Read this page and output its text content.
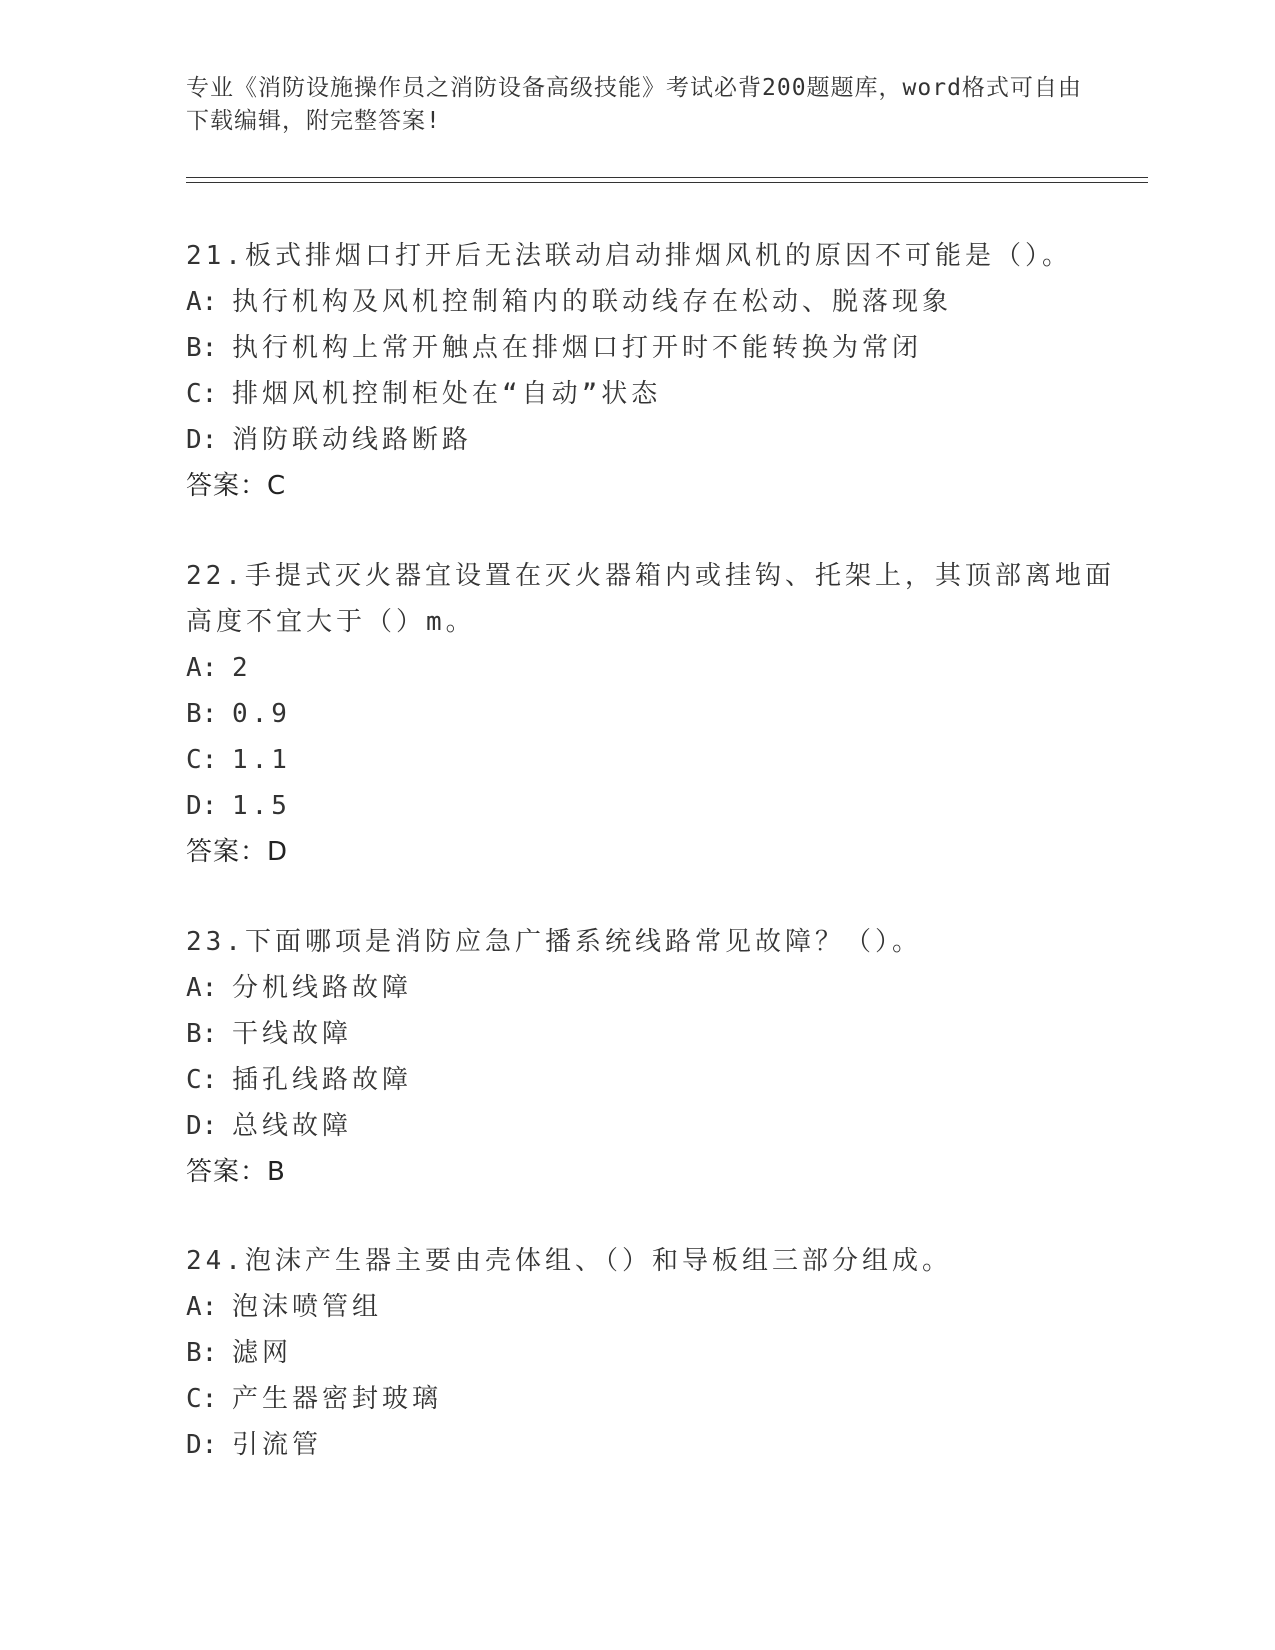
专业《消防设施操作员之消防设备高级技能》考试必背200题题库，word格式可自由下载编辑，附完整答案!
21.板式排烟口打开后无法联动启动排烟风机的原因不可能是（）。
A: 执行机构及风机控制箱内的联动线存在松动、脱落现象
B: 执行机构上常开触点在排烟口打开时不能转换为常闭
C: 排烟风机控制柜处在“自动”状态
D: 消防联动线路断路
答案：C
22.手提式灭火器宜设置在灭火器箱内或挂钩、托架上，其顶部离地面高度不宜大于（）m。
A: 2
B: 0.9
C: 1.1
D: 1.5
答案：D
23.下面哪项是消防应急广播系统线路常见故障？（）。
A: 分机线路故障
B: 干线故障
C: 插孔线路故障
D: 总线故障
答案：B
24.泡沫产生器主要由壳体组、（）和导板组三部分组成。
A: 泡沫喷管组
B: 滤网
C: 产生器密封玻璃
D: 引流管
